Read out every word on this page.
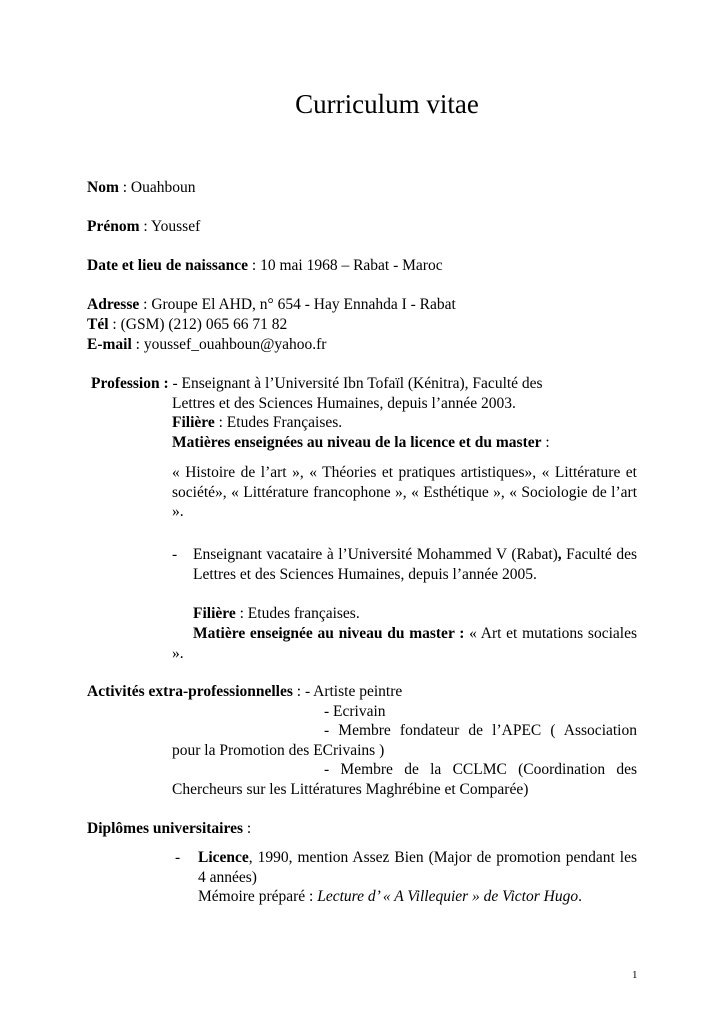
Curriculum vitae
Nom : Ouahboun
Prénom : Youssef
Date et lieu de naissance : 10 mai 1968 – Rabat - Maroc
Adresse : Groupe El AHD, n° 654 - Hay Ennahda I - Rabat
Tél : (GSM) (212) 065 66 71 82
E-mail : youssef_ouahboun@yahoo.fr
Profession : - Enseignant à l’Université Ibn Tofaïl (Kénitra), Faculté des
Lettres et des Sciences Humaines, depuis l’année 2003.
Filière : Etudes Françaises.
Matières enseignées au niveau de la licence et du master :
« Histoire de l’art », « Théories et pratiques artistiques», « Littérature et société», « Littérature francophone », « Esthétique », « Sociologie de l’art ».
- Enseignant vacataire à l’Université Mohammed V (Rabat), Faculté des Lettres et des Sciences Humaines, depuis l’année 2005.
Filière : Etudes françaises.
Matière enseignée au niveau du master : « Art et mutations sociales ».
Activités extra-professionnelles : - Artiste peintre
- Ecrivain
- Membre fondateur de l’APEC ( Association
pour la Promotion des ECrivains )
- Membre de la CCLMC (Coordination des
Chercheurs sur les Littératures Maghrébine et Comparée)
Diplômes universitaires :
- Licence, 1990, mention Assez Bien (Major de promotion pendant les 4 années)
Mémoire préparé : Lecture d’ « A Villequier » de Victor Hugo.
1
